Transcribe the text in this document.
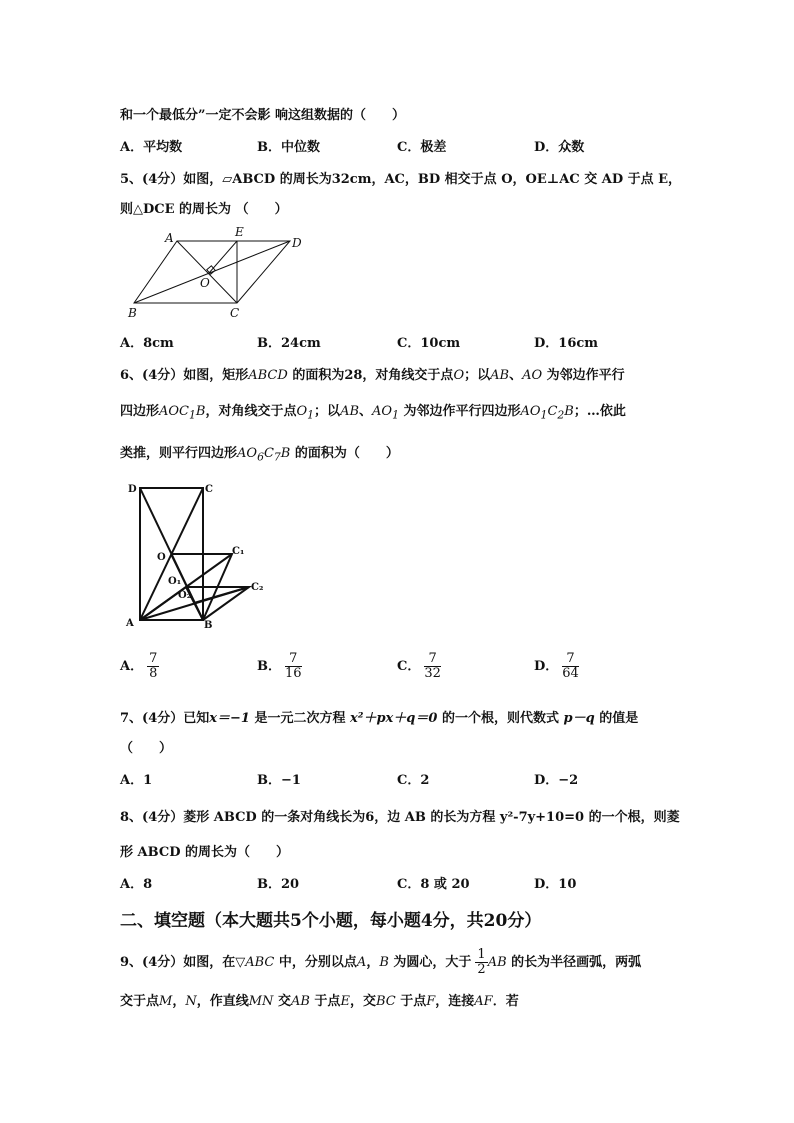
和一个最低分”一定不会影 响这组数据的（　　）
A．平均数	B．中位数	C．极差	D．众数
5、(4分）如图，▱ABCD 的周长为32cm，AC，BD 相交于点 O，OE⊥AC 交 AD 于点 E，
则△DCE 的周长为 （　　）
A	E
D
O
B	C
A．8cm	B．24cm	C．10cm	D．16cm
6、(4分）如图，矩形ABCD 的面积为28，对角线交于点O；以AB、AO 为邻边作平行
四边形$AOC_1B$，对角线交于点$O_1$；以AB、$AO_1$ 为邻边作平行四边形$AO_1C_2B$；…依此
类推，则平行四边形$AO_6C_7B$ 的面积为（　　）
D	C
O
C₁
O₁
O₂
C₂
A	B
A． $\frac{7}{8}$	B． $\frac{7}{16}$	C． $\frac{7}{32}$	D． $\frac{7}{64}$
7、(4分）已知x＝−1 是一元二次方程 x²＋px＋q＝0 的一个根，则代数式 p－q 的值是
（　　）
A．1	B．−1	C．2	D．−2
8、(4分）菱形 ABCD 的一条对角线长为6，边 AB 的长为方程 y²-7y+10=0 的一个根，则菱
形 ABCD 的周长为（　　）
A．8	B．20	C．8 或 20	D．10
二、填空题（本大题共5个小题，每小题4分，共20分）
9、(4分）如图，在▽ABC 中，分别以点A，B 为圆心，大于 $\frac{1}{2}$ AB 的长为半径画弧，两弧
交于点M，N，作直线MN 交AB 于点E，交BC 于点F，连接AF．若
